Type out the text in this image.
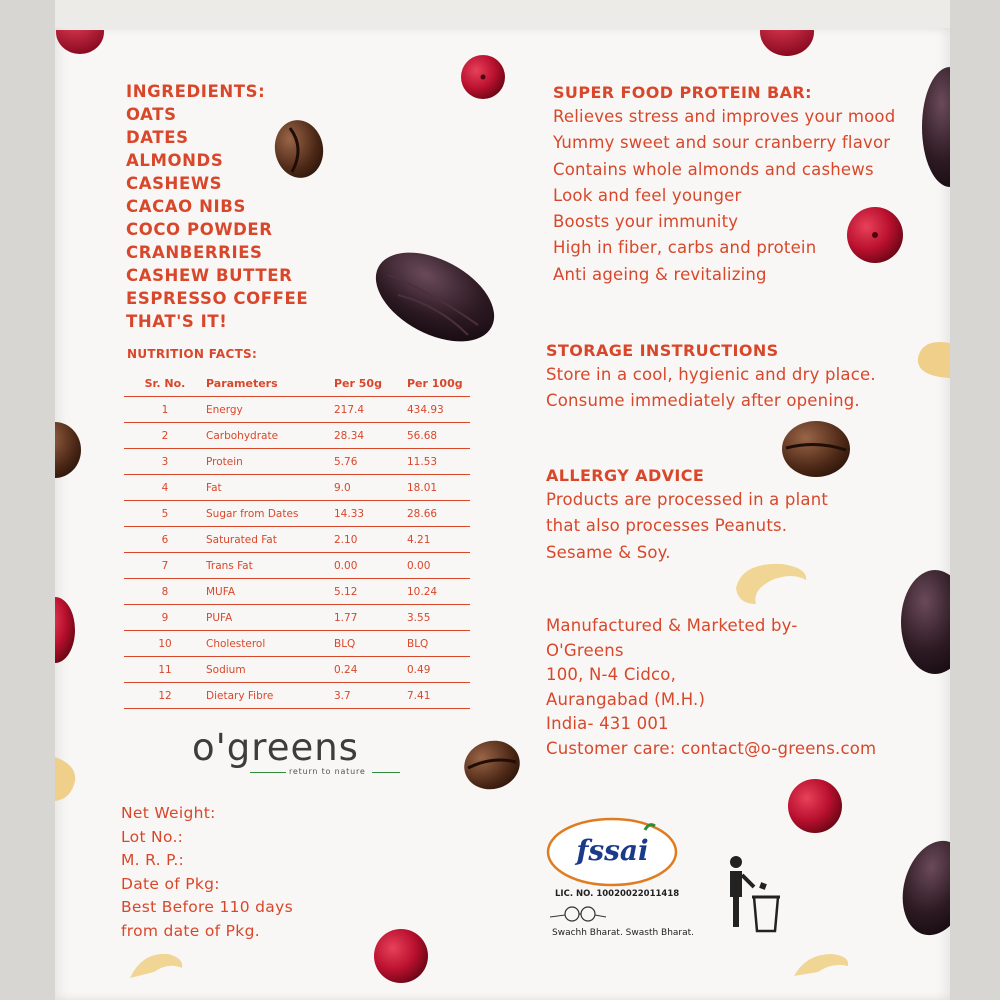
INGREDIENTS:
OATS
DATES
ALMONDS
CASHEWS
CACAO NIBS
COCO POWDER
CRANBERRIES
CASHEW BUTTER
ESPRESSO COFFEE
THAT'S IT!
NUTRITION FACTS:
Sr. No.	Parameters	Per 50g	Per 100g
1	Energy	217.4	434.93
2	Carbohydrate	28.34	56.68
3	Protein	5.76	11.53
4	Fat	9.0	18.01
5	Sugar from Dates	14.33	28.66
6	Saturated Fat	2.10	4.21
7	Trans Fat	0.00	0.00
8	MUFA	5.12	10.24
9	PUFA	1.77	3.55
10	Cholesterol	BLQ	BLQ
11	Sodium	0.24	0.49
12	Dietary Fibre	3.7	7.41
o'greens
return to nature
Net Weight:
Lot No.:
M. R. P.:
Date of Pkg:
Best Before 110 days
from date of Pkg.
SUPER FOOD PROTEIN BAR:
Relieves stress and improves your mood
Yummy sweet and sour cranberry flavor
Contains whole almonds and cashews
Look and feel younger
Boosts your immunity
High in fiber, carbs and protein
Anti ageing & revitalizing
STORAGE INSTRUCTIONS
Store in a cool, hygienic and dry place.
Consume immediately after opening.
ALLERGY ADVICE
Products are processed in a plant
that also processes Peanuts.
Sesame & Soy.
Manufactured & Marketed by-
O'Greens
100, N-4 Cidco,
Aurangabad (M.H.)
India- 431 001
Customer care: contact@o-greens.com
fssai
LIC. NO. 10020022011418
Swachh Bharat. Swasth Bharat.
